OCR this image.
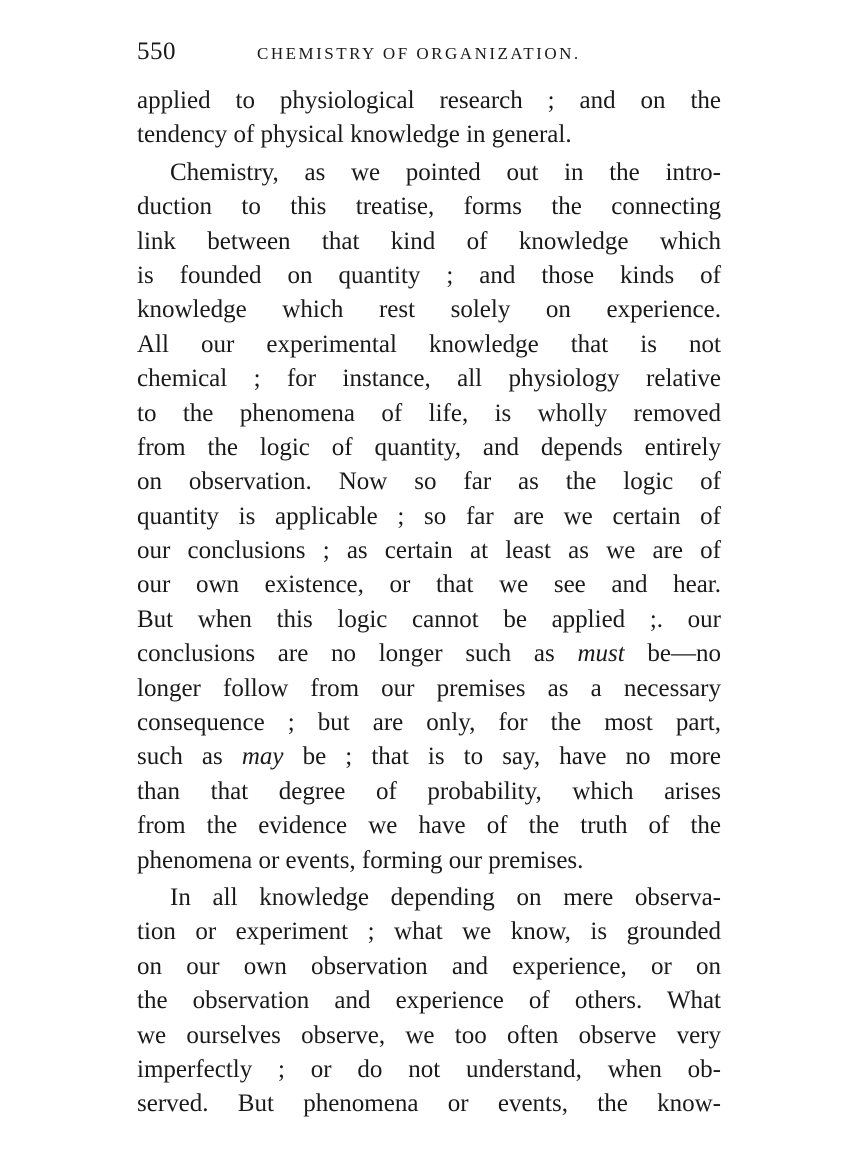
550	CHEMISTRY OF ORGANIZATION.
applied to physiological research ; and on the
tendency of physical knowledge in general.
Chemistry, as we pointed out in the intro-
duction to this treatise, forms the connecting
link between that kind of knowledge which
is founded on quantity ; and those kinds of
knowledge which rest solely on experience.
All our experimental knowledge that is not
chemical ; for instance, all physiology relative
to the phenomena of life, is wholly removed
from the logic of quantity, and depends entirely
on observation. Now so far as the logic of
quantity is applicable ; so far are we certain of
our conclusions ; as certain at least as we are of
our own existence, or that we see and hear.
But when this logic cannot be applied ;. our
conclusions are no longer such as must be—no
longer follow from our premises as a necessary
consequence ; but are only, for the most part,
such as may be ; that is to say, have no more
than that degree of probability, which arises
from the evidence we have of the truth of the
phenomena or events, forming our premises.
In all knowledge depending on mere observa-
tion or experiment ; what we know, is grounded
on our own observation and experience, or on
the observation and experience of others. What
we ourselves observe, we too often observe very
imperfectly ; or do not understand, when ob-
served. But phenomena or events, the know-
